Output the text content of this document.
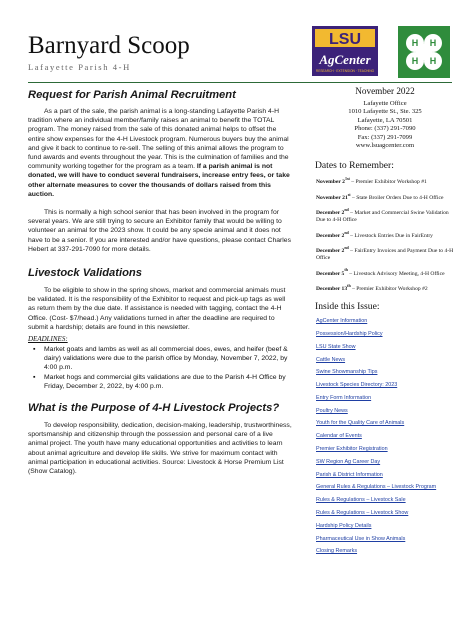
Barnyard Scoop
Lafayette Parish 4-H
LSU
AgCenter
RESEARCH · EXTENSION · TEACHING
H H
H H
Request for Parish Animal Recruitment

As a part of the sale, the parish animal is a long-standing Lafayette Parish 4-H tradition where an individual member/family raises an animal to benefit the TOTAL program. The money raised from the sale of this donated animal helps to offset the entire show expenses for the 4-H Livestock program. Numerous buyers buy the animal and give it back to continue to re-sell. The selling of this animal allows the program to fund awards and events throughout the year. This is the culmination of families and the community working together for the program as a team. If a parish animal is not donated, we will have to conduct several fundraisers, increase entry fees, or take other alternate measures to cover the thousands of dollars raised from this auction.

This is normally a high school senior that has been involved in the program for several years. We are still trying to secure an Exhibitor family that would be willing to volunteer an animal for the 2023 show. It could be any specie animal and it does not have to be a senior. If you are interested and/or have questions, please contact Charles Hebert at 337-291-7090 for more details.

Livestock Validations

To be eligible to show in the spring shows, market and commercial animals must be validated. It is the responsibility of the Exhibitor to request and pick-up tags as well as return them by the due date. If assistance is needed with tagging, contact the 4-H Office. (Cost- $7/head.) Any validations turned in after the deadline are required to submit a hardship; details are found in this newsletter.

DEADLINES:
▪ Market goats and lambs as well as all commercial does, ewes, and heifer (beef & dairy) validations were due to the parish office by Monday, November 7, 2022, by 4:00 p.m.
▪ Market hogs and commercial gilts validations are due to the Parish 4-H Office by Friday, December 2, 2022, by 4:00 p.m.
What is the Purpose of 4-H Livestock Projects?

To develop responsibility, dedication, decision-making, leadership, trustworthiness, sportsmanship and citizenship through the possession and personal care of a live animal project. The youth have many educational opportunities and activities to learn about animal agriculture and develop life skills. We strive for maximum contact with animal participation in educational activities. Source: Livestock & Horse Premium List (Show Catalog).

November 2022
Lafayette Office
1010 Lafayette St., Ste. 325
Lafayette, LA 70501
Phone: (337) 291-7090
Fax: (337) 291-7099
www.lsuagcenter.com
Dates to Remember:
November $2^{1st}$ – Premier Exhibitor Workshop #1
November 21st – State Broiler Orders Due to 4-H Office
December 2nd – Market and Commercial Swine Validation Due to 4-H Office
December 2nd – Livestock Entries Due in FairEntry
December 2nd – FairEntry Invoices and Payment Due to 4-H Office
December 5th – Livestock Advisory Meeting, 4-H Office
December 13th – Premier Exhibitor Workshop #2
Inside this Issue:
AgCenter Information
Possession/Hardship Policy
LSU State Show
Cattle News
Swine Showmanship Tips
Livestock Species Directory: 2023
Entry Form Information
Poultry News
Youth for the Quality Care of Animals
Calendar of Events
Premier Exhibitor Registration
SW Region Ag Career Day
Parish & District Information
General Rules & Regulations – Livestock Program
Rules & Regulations – Livestock Sale
Rules & Regulations – Livestock Show
Hardship Policy Details
Pharmaceutical Use in Show Animals
Closing Remarks
